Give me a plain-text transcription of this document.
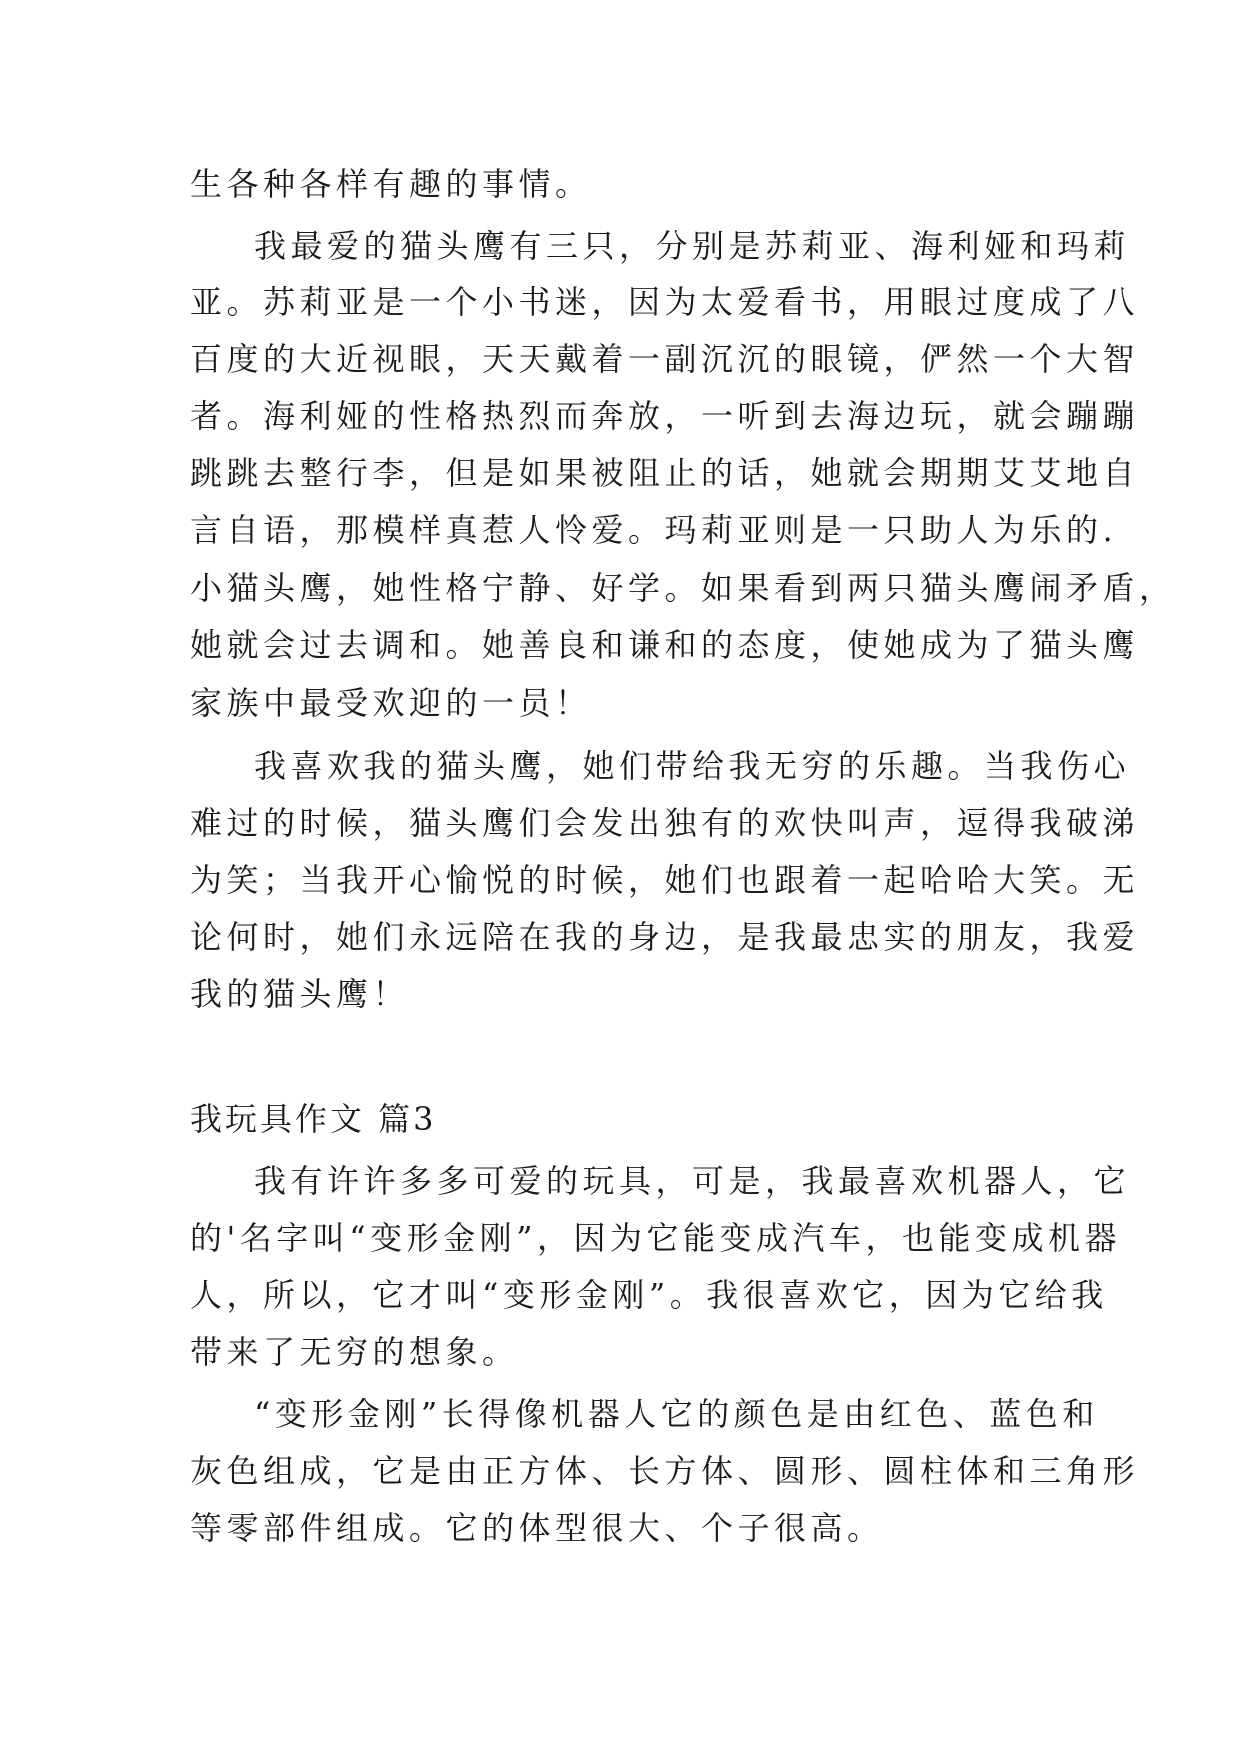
生各种各样有趣的事情。
我最爱的猫头鹰有三只，分别是苏莉亚、海利娅和玛莉
亚。苏莉亚是一个小书迷，因为太爱看书，用眼过度成了八
百度的大近视眼，天天戴着一副沉沉的眼镜，俨然一个大智
者。海利娅的性格热烈而奔放，一听到去海边玩，就会蹦蹦
跳跳去整行李，但是如果被阻止的话，她就会期期艾艾地自
言自语，那模样真惹人怜爱。玛莉亚则是一只助人为乐的.
小猫头鹰，她性格宁静、好学。如果看到两只猫头鹰闹矛盾，
她就会过去调和。她善良和谦和的态度，使她成为了猫头鹰
家族中最受欢迎的一员！
我喜欢我的猫头鹰，她们带给我无穷的乐趣。当我伤心
难过的时候，猫头鹰们会发出独有的欢快叫声，逗得我破涕
为笑；当我开心愉悦的时候，她们也跟着一起哈哈大笑。无
论何时，她们永远陪在我的身边，是我最忠实的朋友，我爱
我的猫头鹰！
我玩具作文 篇3
我有许许多多可爱的玩具，可是，我最喜欢机器人，它
的'名字叫“变形金刚”，因为它能变成汽车，也能变成机器
人，所以，它才叫“变形金刚”。我很喜欢它，因为它给我
带来了无穷的想象。
“变形金刚”长得像机器人它的颜色是由红色、蓝色和
灰色组成，它是由正方体、长方体、圆形、圆柱体和三角形
等零部件组成。它的体型很大、个子很高。
